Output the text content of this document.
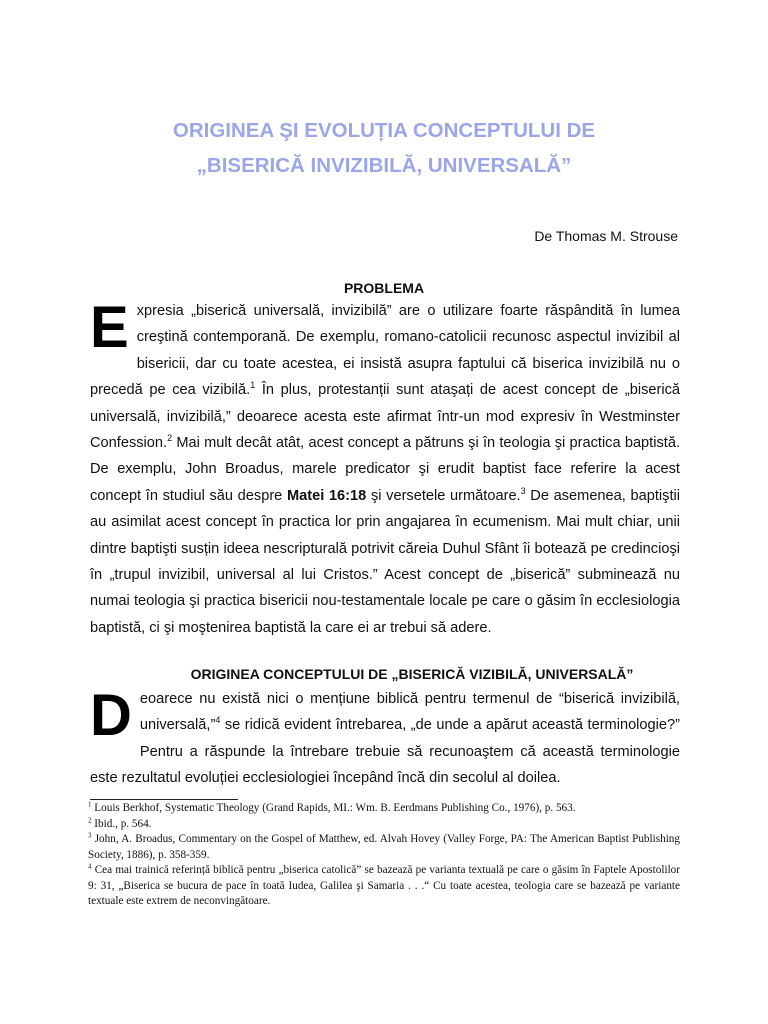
ORIGINEA ŞI EVOLUȚIA CONCEPTULUI DE
„BISERICĂ INVIZIBILĂ, UNIVERSALĂ”

De Thomas M. Strouse

PROBLEMA

Expresia „biserică universală, invizibilă” are o utilizare foarte răspândită în lumea creştină contemporană. De exemplu, romano-catolicii recunosc aspectul invizibil al bisericii, dar cu toate acestea, ei insistă asupra faptului că biserica invizibilă nu o precedă pe cea vizibilă.$^1$ În plus, protestanții sunt ataşați de acest concept de „biserică universală, invizibilă,” deoarece acesta este afirmat într-un mod expresiv în Westminster Confession.$^2$ Mai mult decât atât, acest concept a pătruns şi în teologia şi practica baptistă. De exemplu, John Broadus, marele predicator şi erudit baptist face referire la acest concept în studiul său despre Matei 16:18 şi versetele următoare.$^3$ De asemenea, baptiştii au asimilat acest concept în practica lor prin angajarea în ecumenism. Mai mult chiar, unii dintre baptişti susțin ideea nescripturală potrivit căreia Duhul Sfânt îi botează pe credincioşi în „trupul invizibil, universal al lui Cristos.” Acest concept de „biserică” subminează nu numai teologia şi practica bisericii nou-testamentale locale pe care o găsim în ecclesiologia baptistă, ci şi moştenirea baptistă la care ei ar trebui să adere.

ORIGINEA CONCEPTULUI DE „BISERICĂ VIZIBILĂ, UNIVERSALĂ”

Deoarece nu există nici o mențiune biblică pentru termenul de “biserică invizibilă, universală,”$^4$ se ridică evident întrebarea, „de unde a apărut această terminologie?” Pentru a răspunde la întrebare trebuie să recunoaştem că această terminologie este rezultatul evoluției ecclesiologiei începând încă din secolul al doilea.

$^1$ Louis Berkhof, Systematic Theology (Grand Rapids, MI.: Wm. B. Eerdmans Publishing Co., 1976), p. 563.

$^2$ Ibid., p. 564.

$^3$ John, A. Broadus, Commentary on the Gospel of Matthew, ed. Alvah Hovey (Valley Forge, PA: The American Baptist Publishing Society, 1886), p. 358-359.

$^4$ Cea mai trainică referință biblică pentru „biserica catolică” se bazează pe varianta textuală pe care o găsim în Faptele Apostolilor 9: 31, „Biserica se bucura de pace în toată Iudea, Galilea şi Samaria . . .“ Cu toate acestea, teologia care se bazează pe variante textuale este extrem de neconvingătoare.
